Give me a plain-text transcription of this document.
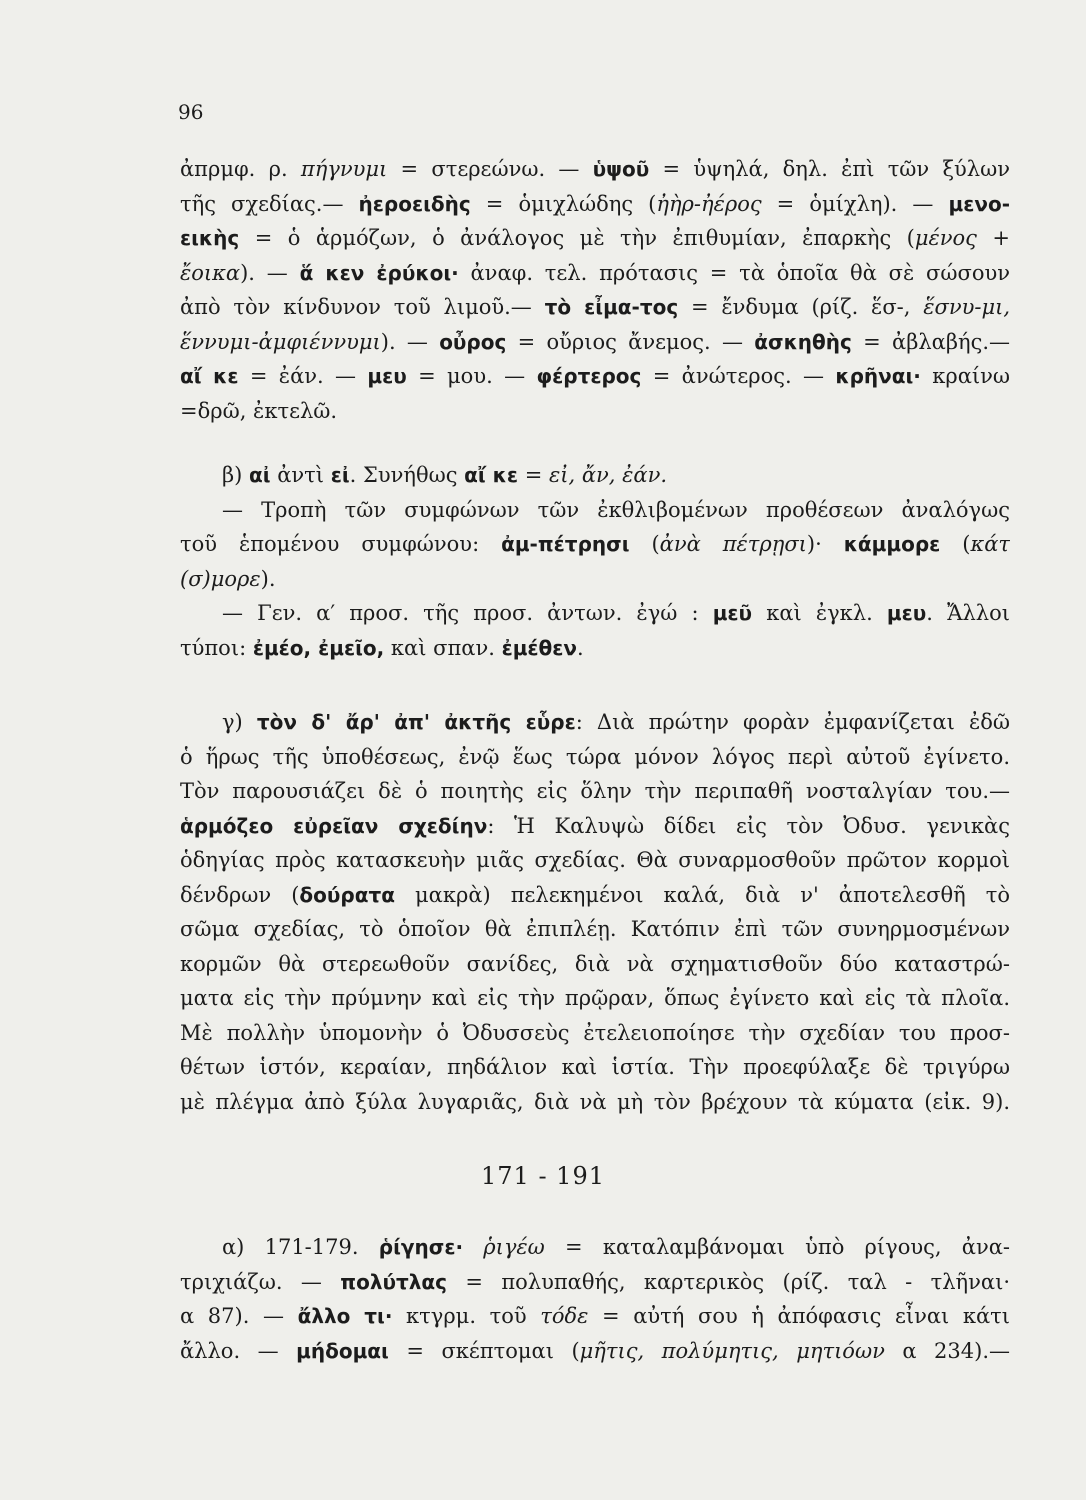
96
ἀπρμφ. ρ. πήγνυμι = στερεώνω. — ὑψοῦ = ὑψηλά, δηλ. ἐπὶ τῶν ξύλων
τῆς σχεδίας.— ἠεροειδὴς = ὁμιχλώδης (ἠὴρ-ἠέρος = ὁμίχλη). — μενο-
εικὴς = ὁ ἁρμόζων, ὁ ἀνάλογος μὲ τὴν ἐπιθυμίαν, ἐπαρκὴς (μένος +
ἔοικα). — ἅ κεν ἐρύκοι· ἀναφ. τελ. πρότασις = τὰ ὁποῖα θὰ σὲ σώσουν
ἀπὸ τὸν κίνδυνον τοῦ λιμοῦ.— τὸ εἶμα-τος = ἔνδυμα (ρίζ. ἕσ-, ἕσνυ-μι,
ἕννυμι-ἀμφιέννυμι). — οὖρος = οὔριος ἄνεμος. — ἀσκηθὴς = ἀβλαβής.—
αἴ κε = ἐάν. — μευ = μου. — φέρτερος = ἀνώτερος. — κρῆναι· κραίνω
=δρῶ, ἐκτελῶ.
β) αἰ ἀντὶ εἰ. Συνήθως αἴ κε = εἰ, ἄν, ἐάν.
— Τροπὴ τῶν συμφώνων τῶν ἐκθλιβομένων προθέσεων ἀναλόγως
τοῦ ἑπομένου συμφώνου: ἀμ-πέτρησι (ἀνὰ πέτρῃσι)· κάμμορε (κάτ
(σ)μορε).
— Γεν. α′ προσ. τῆς προσ. ἀντων. ἐγώ : μεῦ καὶ ἐγκλ. μευ. Ἄλλοι
τύποι: ἐμέο, ἐμεῖο, καὶ σπαν. ἐμέθεν.
γ) τὸν δ' ἄρ' ἀπ' ἀκτῆς εὗρε: Διὰ πρώτην φορὰν ἐμφανίζεται ἐδῶ
ὁ ἥρως τῆς ὑποθέσεως, ἐνῷ ἕως τώρα μόνον λόγος περὶ αὐτοῦ ἐγίνετο.
Τὸν παρουσιάζει δὲ ὁ ποιητὴς εἰς ὅλην τὴν περιπαθῆ νοσταλγίαν του.—
ἁρμόζεο εὐρεῖαν σχεδίην: Ἡ Καλυψὼ δίδει εἰς τὸν Ὀδυσ. γενικὰς
ὁδηγίας πρὸς κατασκευὴν μιᾶς σχεδίας. Θὰ συναρμοσθοῦν πρῶτον κορμοὶ
δένδρων (δούρατα μακρὰ) πελεκημένοι καλά, διὰ ν' ἀποτελεσθῆ τὸ
σῶμα σχεδίας, τὸ ὁποῖον θὰ ἐπιπλέῃ. Κατόπιν ἐπὶ τῶν συνηρμοσμένων
κορμῶν θὰ στερεωθοῦν σανίδες, διὰ νὰ σχηματισθοῦν δύο καταστρώ-
ματα εἰς τὴν πρύμνην καὶ εἰς τὴν πρῷραν, ὅπως ἐγίνετο καὶ εἰς τὰ πλοῖα.
Μὲ πολλὴν ὑπομονὴν ὁ Ὀδυσσεὺς ἐτελειοποίησε τὴν σχεδίαν του προσ-
θέτων ἱστόν, κεραίαν, πηδάλιον καὶ ἱστία. Τὴν προεφύλαξε δὲ τριγύρω
μὲ πλέγμα ἀπὸ ξύλα λυγαριᾶς, διὰ νὰ μὴ τὸν βρέχουν τὰ κύματα (εἰκ. 9).
171 - 191
α) 171-179. ῥίγησε· ῥιγέω = καταλαμβάνομαι ὑπὸ ρίγους, ἀνα-
τριχιάζω. — πολύτλας = πολυπαθής, καρτερικὸς (ρίζ. ταλ - τλῆναι·
α 87). — ἄλλο τι· κτγρμ. τοῦ τόδε = αὐτή σου ἡ ἀπόφασις εἶναι κάτι
ἄλλο. — μήδομαι = σκέπτομαι (μῆτις, πολύμητις, μητιόων α 234).—
